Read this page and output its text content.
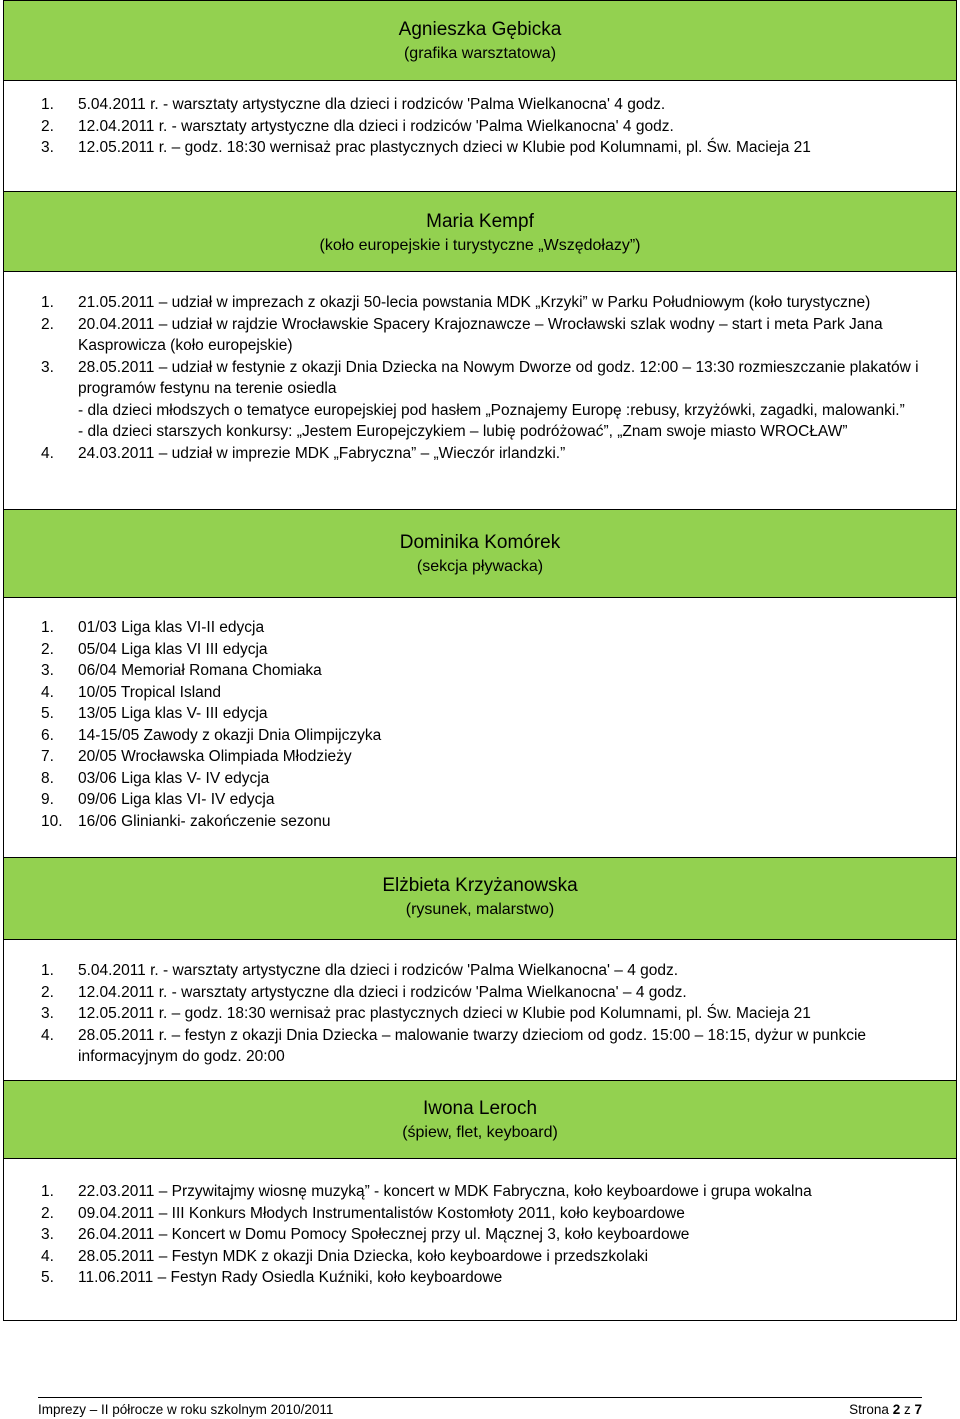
Agnieszka Gębicka
(grafika warsztatowa)
1. 5.04.2011 r. - warsztaty artystyczne dla dzieci i rodziców 'Palma Wielkanocna' 4 godz.
2. 12.04.2011 r. - warsztaty artystyczne dla dzieci i rodziców 'Palma Wielkanocna' 4 godz.
3. 12.05.2011 r. – godz. 18:30 wernisaż prac plastycznych dzieci w Klubie pod Kolumnami, pl. Św. Macieja 21
Maria Kempf
(koło europejskie i turystyczne „Wszędołazy”)
1. 21.05.2011 – udział w imprezach z okazji 50-lecia powstania MDK „Krzyki” w Parku Południowym (koło turystyczne)
2. 20.04.2011 – udział w rajdzie Wrocławskie Spacery Krajoznawcze – Wrocławski szlak wodny – start i meta Park Jana Kasprowicza (koło europejskie)
3. 28.05.2011 – udział w festynie z okazji Dnia Dziecka na Nowym Dworze od godz. 12:00 – 13:30 rozmieszczanie plakatów i programów festynu na terenie osiedla
- dla dzieci młodszych o tematyce europejskiej pod hasłem „Poznajemy Europę :rebusy, krzyżówki, zagadki, malowanki.”
- dla dzieci starszych konkursy: „Jestem Europejczykiem – lubię podróżować”, „Znam swoje miasto WROCŁAW”
4. 24.03.2011 – udział w imprezie MDK „Fabryczna” – „Wieczór irlandzki.”
Dominika Komórek
(sekcja pływacka)
1. 01/03 Liga klas VI-II edycja
2. 05/04 Liga klas VI III edycja
3. 06/04 Memoriał Romana Chomiaka
4. 10/05 Tropical Island
5. 13/05 Liga klas V- III edycja
6. 14-15/05 Zawody z okazji Dnia Olimpijczyka
7. 20/05 Wrocławska Olimpiada Młodzieży
8. 03/06 Liga klas V- IV edycja
9. 09/06 Liga klas VI- IV edycja
10. 16/06 Glinianki- zakończenie sezonu
Elżbieta Krzyżanowska
(rysunek, malarstwo)
1. 5.04.2011 r. - warsztaty artystyczne dla dzieci i rodziców 'Palma Wielkanocna' – 4 godz.
2. 12.04.2011 r. - warsztaty artystyczne dla dzieci i rodziców 'Palma Wielkanocna' – 4 godz.
3. 12.05.2011 r. – godz. 18:30 wernisaż prac plastycznych dzieci w Klubie pod Kolumnami, pl. Św. Macieja 21
4. 28.05.2011 r. – festyn z okazji Dnia Dziecka – malowanie twarzy dzieciom od godz. 15:00 – 18:15, dyżur w punkcie informacyjnym do godz. 20:00
Iwona Leroch
(śpiew, flet, keyboard)
1. 22.03.2011 – Przywitajmy wiosnę muzyką” - koncert w MDK Fabryczna, koło keyboardowe i grupa wokalna
2. 09.04.2011 – III Konkurs Młodych Instrumentalistów Kostomłoty 2011, koło keyboardowe
3. 26.04.2011 – Koncert w Domu Pomocy Społecznej przy ul. Mącznej 3, koło keyboardowe
4. 28.05.2011 – Festyn MDK z okazji Dnia Dziecka, koło keyboardowe i przedszkolaki
5. 11.06.2011 – Festyn Rady Osiedla Kuźniki, koło keyboardowe
Imprezy – II półrocze w roku szkolnym 2010/2011	Strona 2 z 7
